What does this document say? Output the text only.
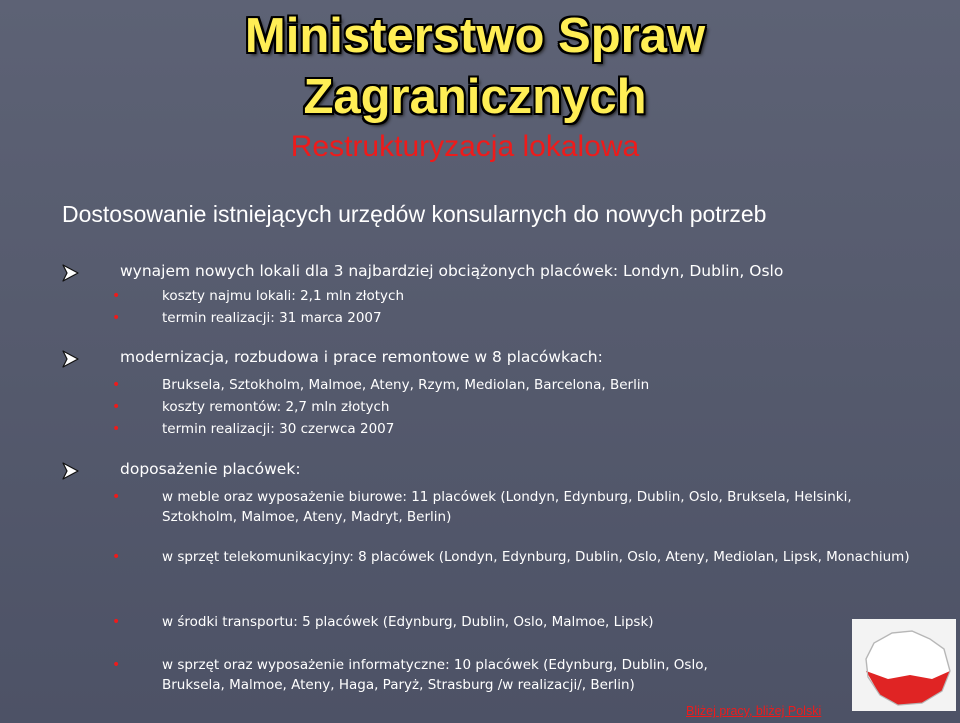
Ministerstwo Spraw
Zagranicznych
Restrukturyzacja lokalowa
Dostosowanie istniejących urzędów konsularnych do nowych potrzeb
wynajem nowych lokali dla 3 najbardziej obciążonych placówek: Londyn, Dublin, Oslo
•	koszty najmu lokali: 2,1 mln złotych
•	termin realizacji: 31 marca 2007
modernizacja, rozbudowa i prace remontowe w 8 placówkach:
•	Bruksela, Sztokholm, Malmoe, Ateny, Rzym, Mediolan, Barcelona, Berlin
•	koszty remontów: 2,7 mln złotych
•	termin realizacji: 30 czerwca 2007
doposażenie placówek:
•	w meble oraz wyposażenie biurowe: 11 placówek (Londyn, Edynburg, Dublin, Oslo, Bruksela, Helsinki, Sztokholm, Malmoe, Ateny, Madryt, Berlin)
•	w sprzęt telekomunikacyjny: 8 placówek (Londyn, Edynburg, Dublin, Oslo, Ateny, Mediolan, Lipsk, Monachium)
•	w środki transportu: 5 placówek (Edynburg, Dublin, Oslo, Malmoe, Lipsk)
•	w sprzęt oraz wyposażenie informatyczne: 10 placówek (Edynburg, Dublin, Oslo, Bruksela, Malmoe, Ateny, Haga, Paryż, Strasburg /w realizacji/, Berlin)
Bliżej pracy, bliżej Polski
